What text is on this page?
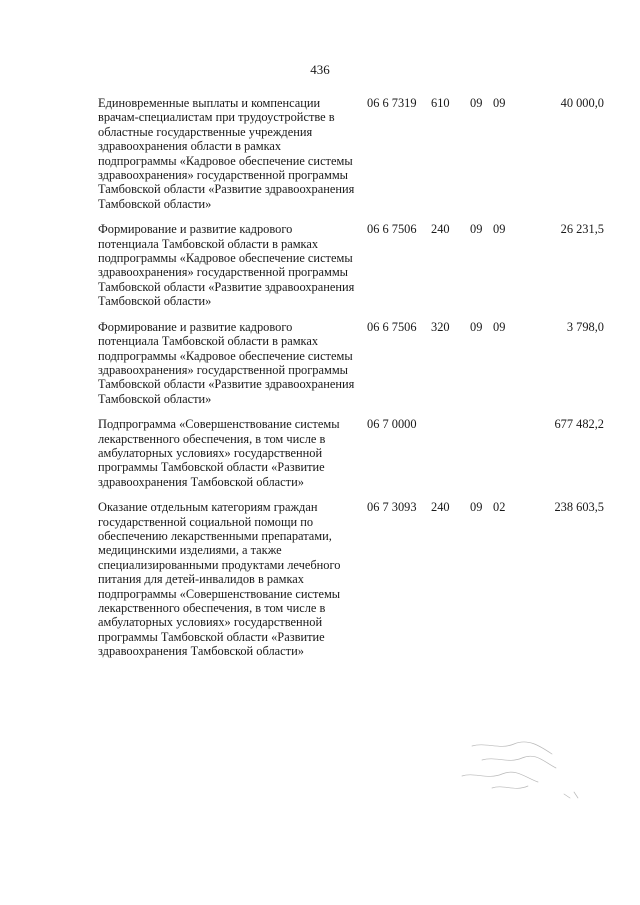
436
Единовременные выплаты и компенсации врачам-специалистам при трудоустройстве в областные государственные учреждения здравоохранения области в рамках подпрограммы «Кадровое обеспечение системы здравоохранения» государственной программы Тамбовской области «Развитие здравоохранения Тамбовской области»
06 6 7319 610 09 09	40 000,0
Формирование и развитие кадрового потенциала Тамбовской области в рамках подпрограммы «Кадровое обеспечение системы здравоохранения» государственной программы Тамбовской области «Развитие здравоохранения Тамбовской области»
06 6 7506 240 09 09	26 231,5
Формирование и развитие кадрового потенциала Тамбовской области в рамках подпрограммы «Кадровое обеспечение системы здравоохранения» государственной программы Тамбовской области «Развитие здравоохранения Тамбовской области»
06 6 7506 320 09 09	3 798,0
Подпрограмма «Совершенствование системы лекарственного обеспечения, в том числе в амбулаторных условиях» государственной программы Тамбовской области «Развитие здравоохранения Тамбовской области»
06 7 0000	677 482,2
Оказание отдельным категориям граждан государственной социальной помощи по обеспечению лекарственными препаратами, медицинскими изделиями, а также специализированными продуктами лечебного питания для детей-инвалидов в рамках подпрограммы «Совершенствование системы лекарственного обеспечения, в том числе в амбулаторных условиях» государственной программы Тамбовской области «Развитие здравоохранения Тамбовской области»
06 7 3093 240 09 02	238 603,5
